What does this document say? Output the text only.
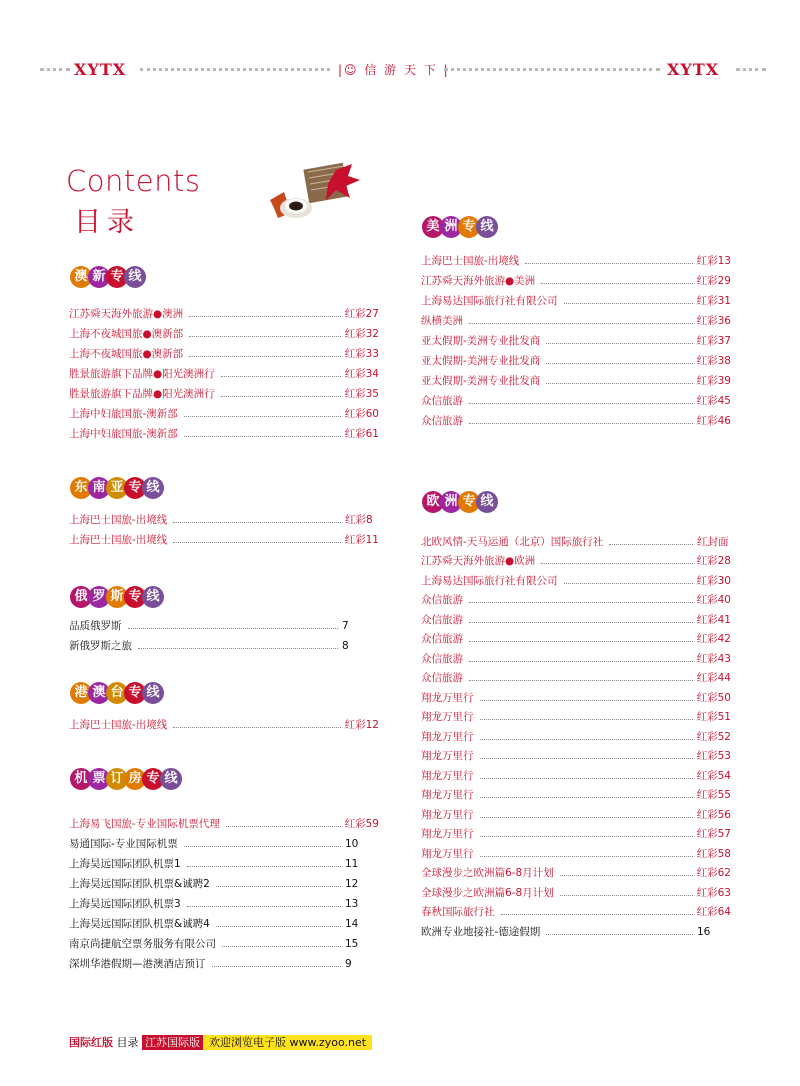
XYTX	|☺ 信 游 天 下 |	XYTX
Contents
目录
澳 新 专 线
江苏舜天海外旅游●澳洲	红彩27
上海不夜城国旅●澳新部	红彩32
上海不夜城国旅●澳新部	红彩33
胜景旅游旗下品牌●阳光澳洲行	红彩34
胜景旅游旗下品牌●阳光澳洲行	红彩35
上海中妇旅国旅-澳新部	红彩60
上海中妇旅国旅-澳新部	红彩61
东 南 亚 专 线
上海巴士国旅-出境线	红彩8
上海巴士国旅-出境线	红彩11
俄 罗 斯 专 线
品质俄罗斯	7
新俄罗斯之旅	8
港 澳 台 专 线
上海巴士国旅-出境线	红彩12
机 票 订 房 专 线
上海易飞国旅-专业国际机票代理	红彩59
易通国际-专业国际机票	10
上海昊远国际团队机票1	11
上海昊远国际团队机票&诚聘2	12
上海昊远国际团队机票3	13
上海昊远国际团队机票&诚聘4	14
南京尚捷航空票务服务有限公司	15
深圳华港假期—港澳酒店预订	9
美 洲 专 线
上海巴士国旅-出境线	红彩13
江苏舜天海外旅游●美洲	红彩29
上海易达国际旅行社有限公司	红彩31
纵横美洲	红彩36
亚太假期-美洲专业批发商	红彩37
亚太假期-美洲专业批发商	红彩38
亚太假期-美洲专业批发商	红彩39
众信旅游	红彩45
众信旅游	红彩46
欧 洲 专 线
北欧风情-天马运通（北京）国际旅行社	红封面
江苏舜天海外旅游●欧洲	红彩28
上海易达国际旅行社有限公司	红彩30
众信旅游	红彩40
众信旅游	红彩41
众信旅游	红彩42
众信旅游	红彩43
众信旅游	红彩44
翔龙万里行	红彩50
翔龙万里行	红彩51
翔龙万里行	红彩52
翔龙万里行	红彩53
翔龙万里行	红彩54
翔龙万里行	红彩55
翔龙万里行	红彩56
翔龙万里行	红彩57
翔龙万里行	红彩58
全球漫步之欧洲篇6-8月计划	红彩62
全球漫步之欧洲篇6-8月计划	红彩63
春秋国际旅行社	红彩64
欧洲专业地接社-德途假期	16
国际红版 目录 江苏国际版 欢迎浏览电子版 www.zyoo.net
